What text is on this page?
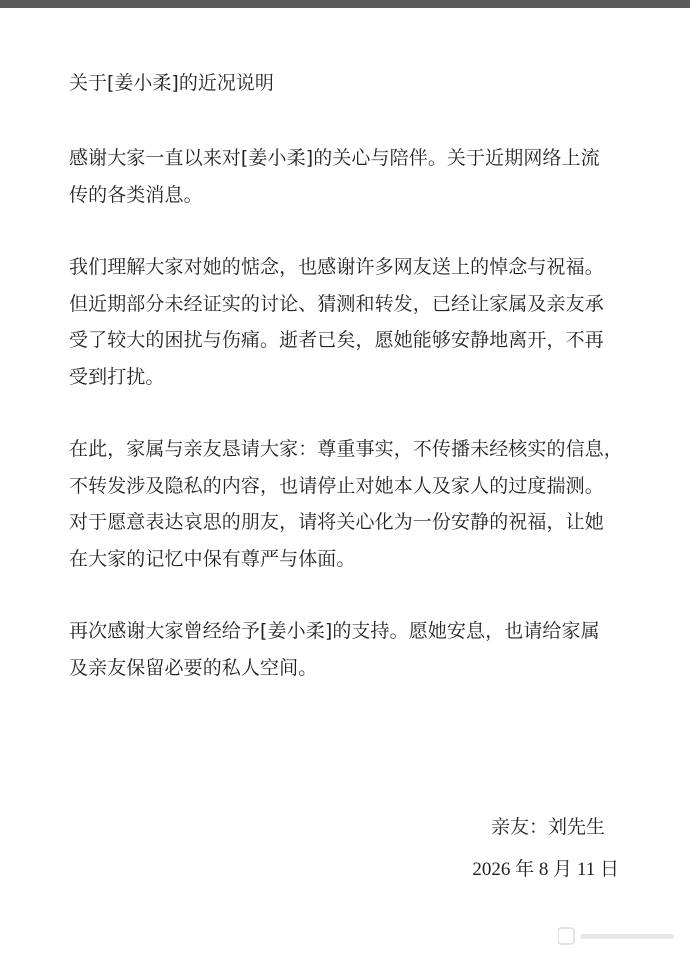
关于[姜小柔]的近况说明
感谢大家一直以来对[姜小柔]的关心与陪伴。关于近期网络上流
传的各类消息。
我们理解大家对她的惦念，也感谢许多网友送上的悼念与祝福。
但近期部分未经证实的讨论、猜测和转发，已经让家属及亲友承
受了较大的困扰与伤痛。逝者已矣，愿她能够安静地离开，不再
受到打扰。
在此，家属与亲友恳请大家：尊重事实，不传播未经核实的信息，
不转发涉及隐私的内容，也请停止对她本人及家人的过度揣测。
对于愿意表达哀思的朋友，请将关心化为一份安静的祝福，让她
在大家的记忆中保有尊严与体面。
再次感谢大家曾经给予[姜小柔]的支持。愿她安息，也请给家属
及亲友保留必要的私人空间。
亲友：刘先生
2026 年 8 月 11 日
